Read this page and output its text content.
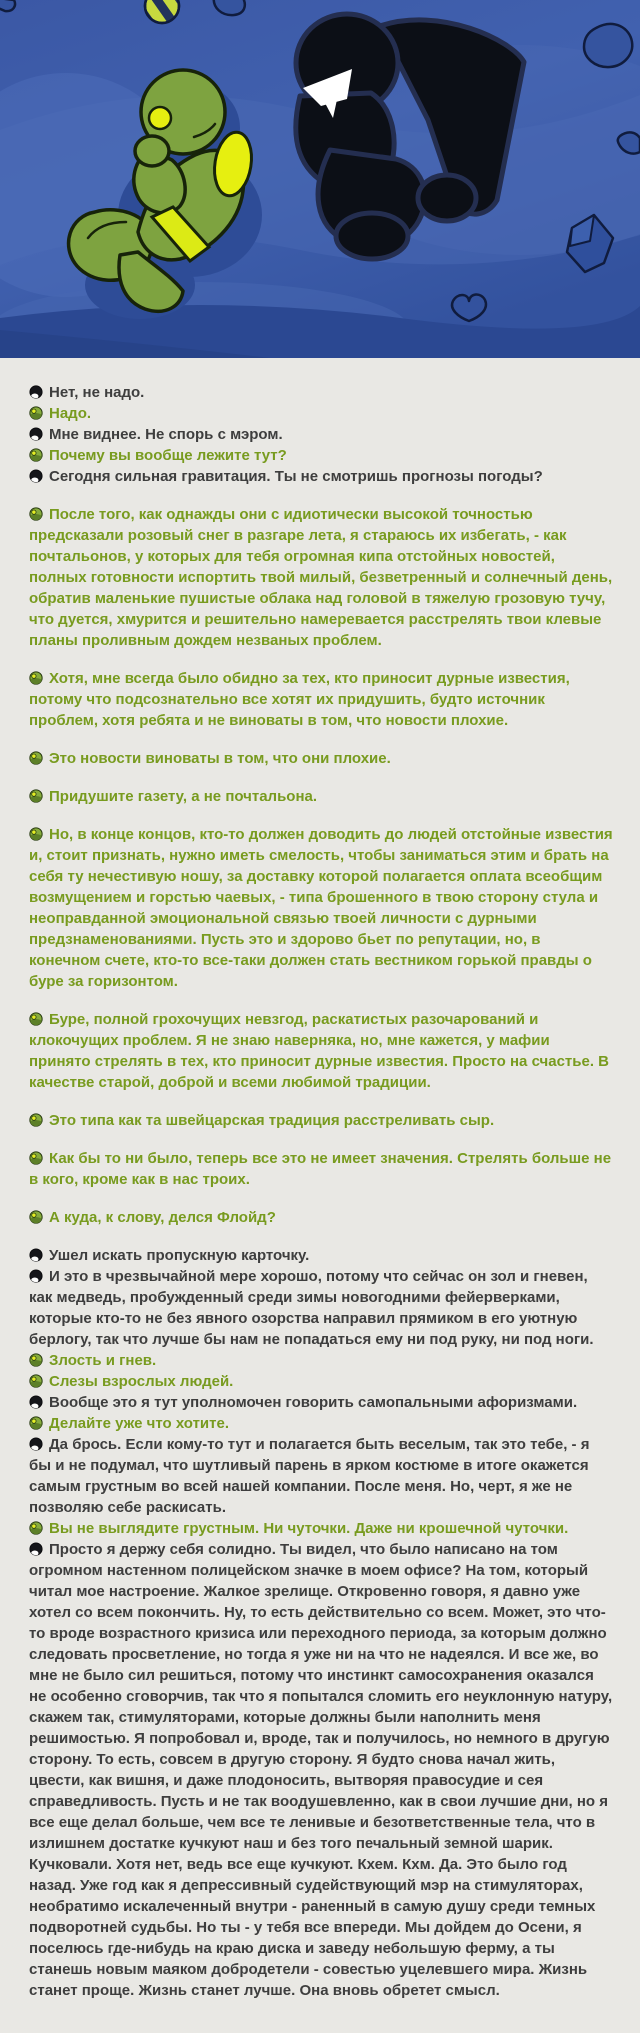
Нет, не надо.
Надо.
Мне виднее. Не спорь с мэром.
Почему вы вообще лежите тут?
Сегодня сильная гравитация. Ты не смотришь прогнозы погоды?
После того, как однажды они с идиотически высокой точностью предсказали розовый снег в разгаре лета, я стараюсь их избегать, - как почтальонов, у которых для тебя огромная кипа отстойных новостей, полных готовности испортить твой милый, безветренный и солнечный день, обратив маленькие пушистые облака над головой в тяжелую грозовую тучу, что дуется, хмурится и решительно намеревается расстрелять твои клевые планы проливным дождем незваных проблем.
Хотя, мне всегда было обидно за тех, кто приносит дурные известия, потому что подсознательно все хотят их придушить, будто источник проблем, хотя ребята и не виноваты в том, что новости плохие.
Это новости виноваты в том, что они плохие.
Придушите газету, а не почтальона.
Но, в конце концов, кто-то должен доводить до людей отстойные известия и, стоит признать, нужно иметь смелость, чтобы заниматься этим и брать на себя ту нечестивую ношу, за доставку которой полагается оплата всеобщим возмущением и горстью чаевых, - типа брошенного в твою сторону стула и неоправданной эмоциональной связью твоей личности с дурными предзнаменованиями. Пусть это и здорово бьет по репутации, но, в конечном счете, кто-то все-таки должен стать вестником горькой правды о буре за горизонтом.
Буре, полной грохочущих невзгод, раскатистых разочарований и клокочущих проблем. Я не знаю наверняка, но, мне кажется, у мафии принято стрелять в тех, кто приносит дурные известия. Просто на счастье. В качестве старой, доброй и всеми любимой традиции.
Это типа как та швейцарская традиция расстреливать сыр.
Как бы то ни было, теперь все это не имеет значения. Стрелять больше не в кого, кроме как в нас троих.
А куда, к слову, делся Флойд?
Ушел искать пропускную карточку.
И это в чрезвычайной мере хорошо, потому что сейчас он зол и гневен, как медведь, пробужденный среди зимы новогодними фейерверками, которые кто-то не без явного озорства направил прямиком в его уютную берлогу, так что лучше бы нам не попадаться ему ни под руку, ни под ноги.
Злость и гнев.
Слезы взрослых людей.
Вообще это я тут уполномочен говорить самопальными афоризмами.
Делайте уже что хотите.
Да брось. Если кому-то тут и полагается быть веселым, так это тебе, - я бы и не подумал, что шутливый парень в ярком костюме в итоге окажется самым грустным во всей нашей компании. После меня. Но, черт, я же не позволяю себе раскисать.
Вы не выглядите грустным. Ни чуточки. Даже ни крошечной чуточки.
Просто я держу себя солидно. Ты видел, что было написано на том огромном настенном полицейском значке в моем офисе? На том, который читал мое настроение. Жалкое зрелище. Откровенно говоря, я давно уже хотел со всем покончить. Ну, то есть действительно со всем. Может, это что-то вроде возрастного кризиса или переходного периода, за которым должно следовать просветление, но тогда я уже ни на что не надеялся. И все же, во мне не было сил решиться, потому что инстинкт самосохранения оказался не особенно сговорчив, так что я попытался сломить его неуклонную натуру, скажем так, стимуляторами, которые должны были наполнить меня решимостью. Я попробовал и, вроде, так и получилось, но немного в другую сторону. То есть, совсем в другую сторону. Я будто снова начал жить, цвести, как вишня, и даже плодоносить, вытворяя правосудие и сея справедливость. Пусть и не так воодушевленно, как в свои лучшие дни, но я все еще делал больше, чем все те ленивые и безответственные тела, что в излишнем достатке кучкуют наш и без того печальный земной шарик. Кучковали. Хотя нет, ведь все еще кучкуют. Кхем. Кхм. Да. Это было год назад. Уже год как я депрессивный судействующий мэр на стимуляторах, необратимо искалеченный внутри - раненный в самую душу среди темных подворотней судьбы. Но ты - у тебя все впереди. Мы дойдем до Осени, я поселюсь где-нибудь на краю диска и заведу небольшую ферму, а ты станешь новым маяком добродетели - совестью уцелевшего мира. Жизнь станет проще. Жизнь станет лучше. Она вновь обретет смысл.
